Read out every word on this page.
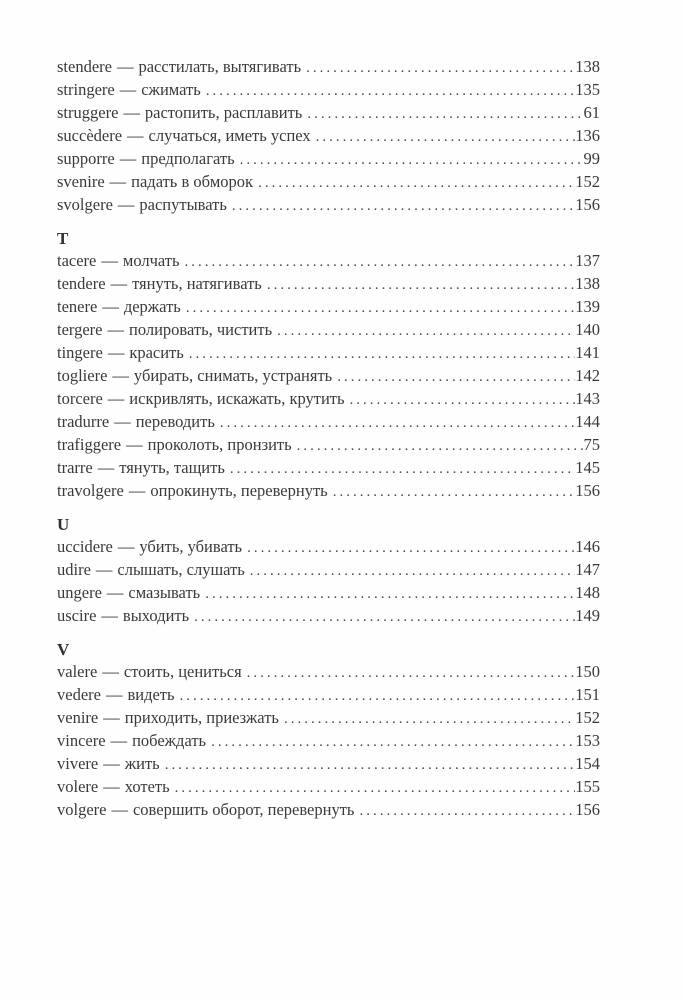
stendere — расстилать, вытягивать .....	138
stringere — сжимать .....	135
struggere — растопить, расплавить .....	61
succèdere — случаться, иметь успех .....	136
supporre — предполагать .....	99
svenire — падать в обморок .....	152
svolgere — распутывать .....	156
T
tacere — молчать .....	137
tendere — тянуть, натягивать .....	138
tenere — держать .....	139
tergere — полировать, чистить .....	140
tingere — красить .....	141
togliere — убирать, снимать, устранять .....	142
torcere — искривлять, искажать, крутить .....	143
tradurre — переводить .....	144
trafiggere — проколоть, пронзить .....	75
trarre — тянуть, тащить .....	145
travolgere — опрокинуть, перевернуть .....	156
U
uccidere — убить, убивать .....	146
udire — слышать, слушать .....	147
ungere — смазывать .....	148
uscire — выходить .....	149
V
valere — стоить, цениться .....	150
vedere — видеть .....	151
venire — приходить, приезжать .....	152
vincere — побеждать .....	153
vivere — жить .....	154
volere — хотеть .....	155
volgere — совершить оборот, перевернуть .....	156
